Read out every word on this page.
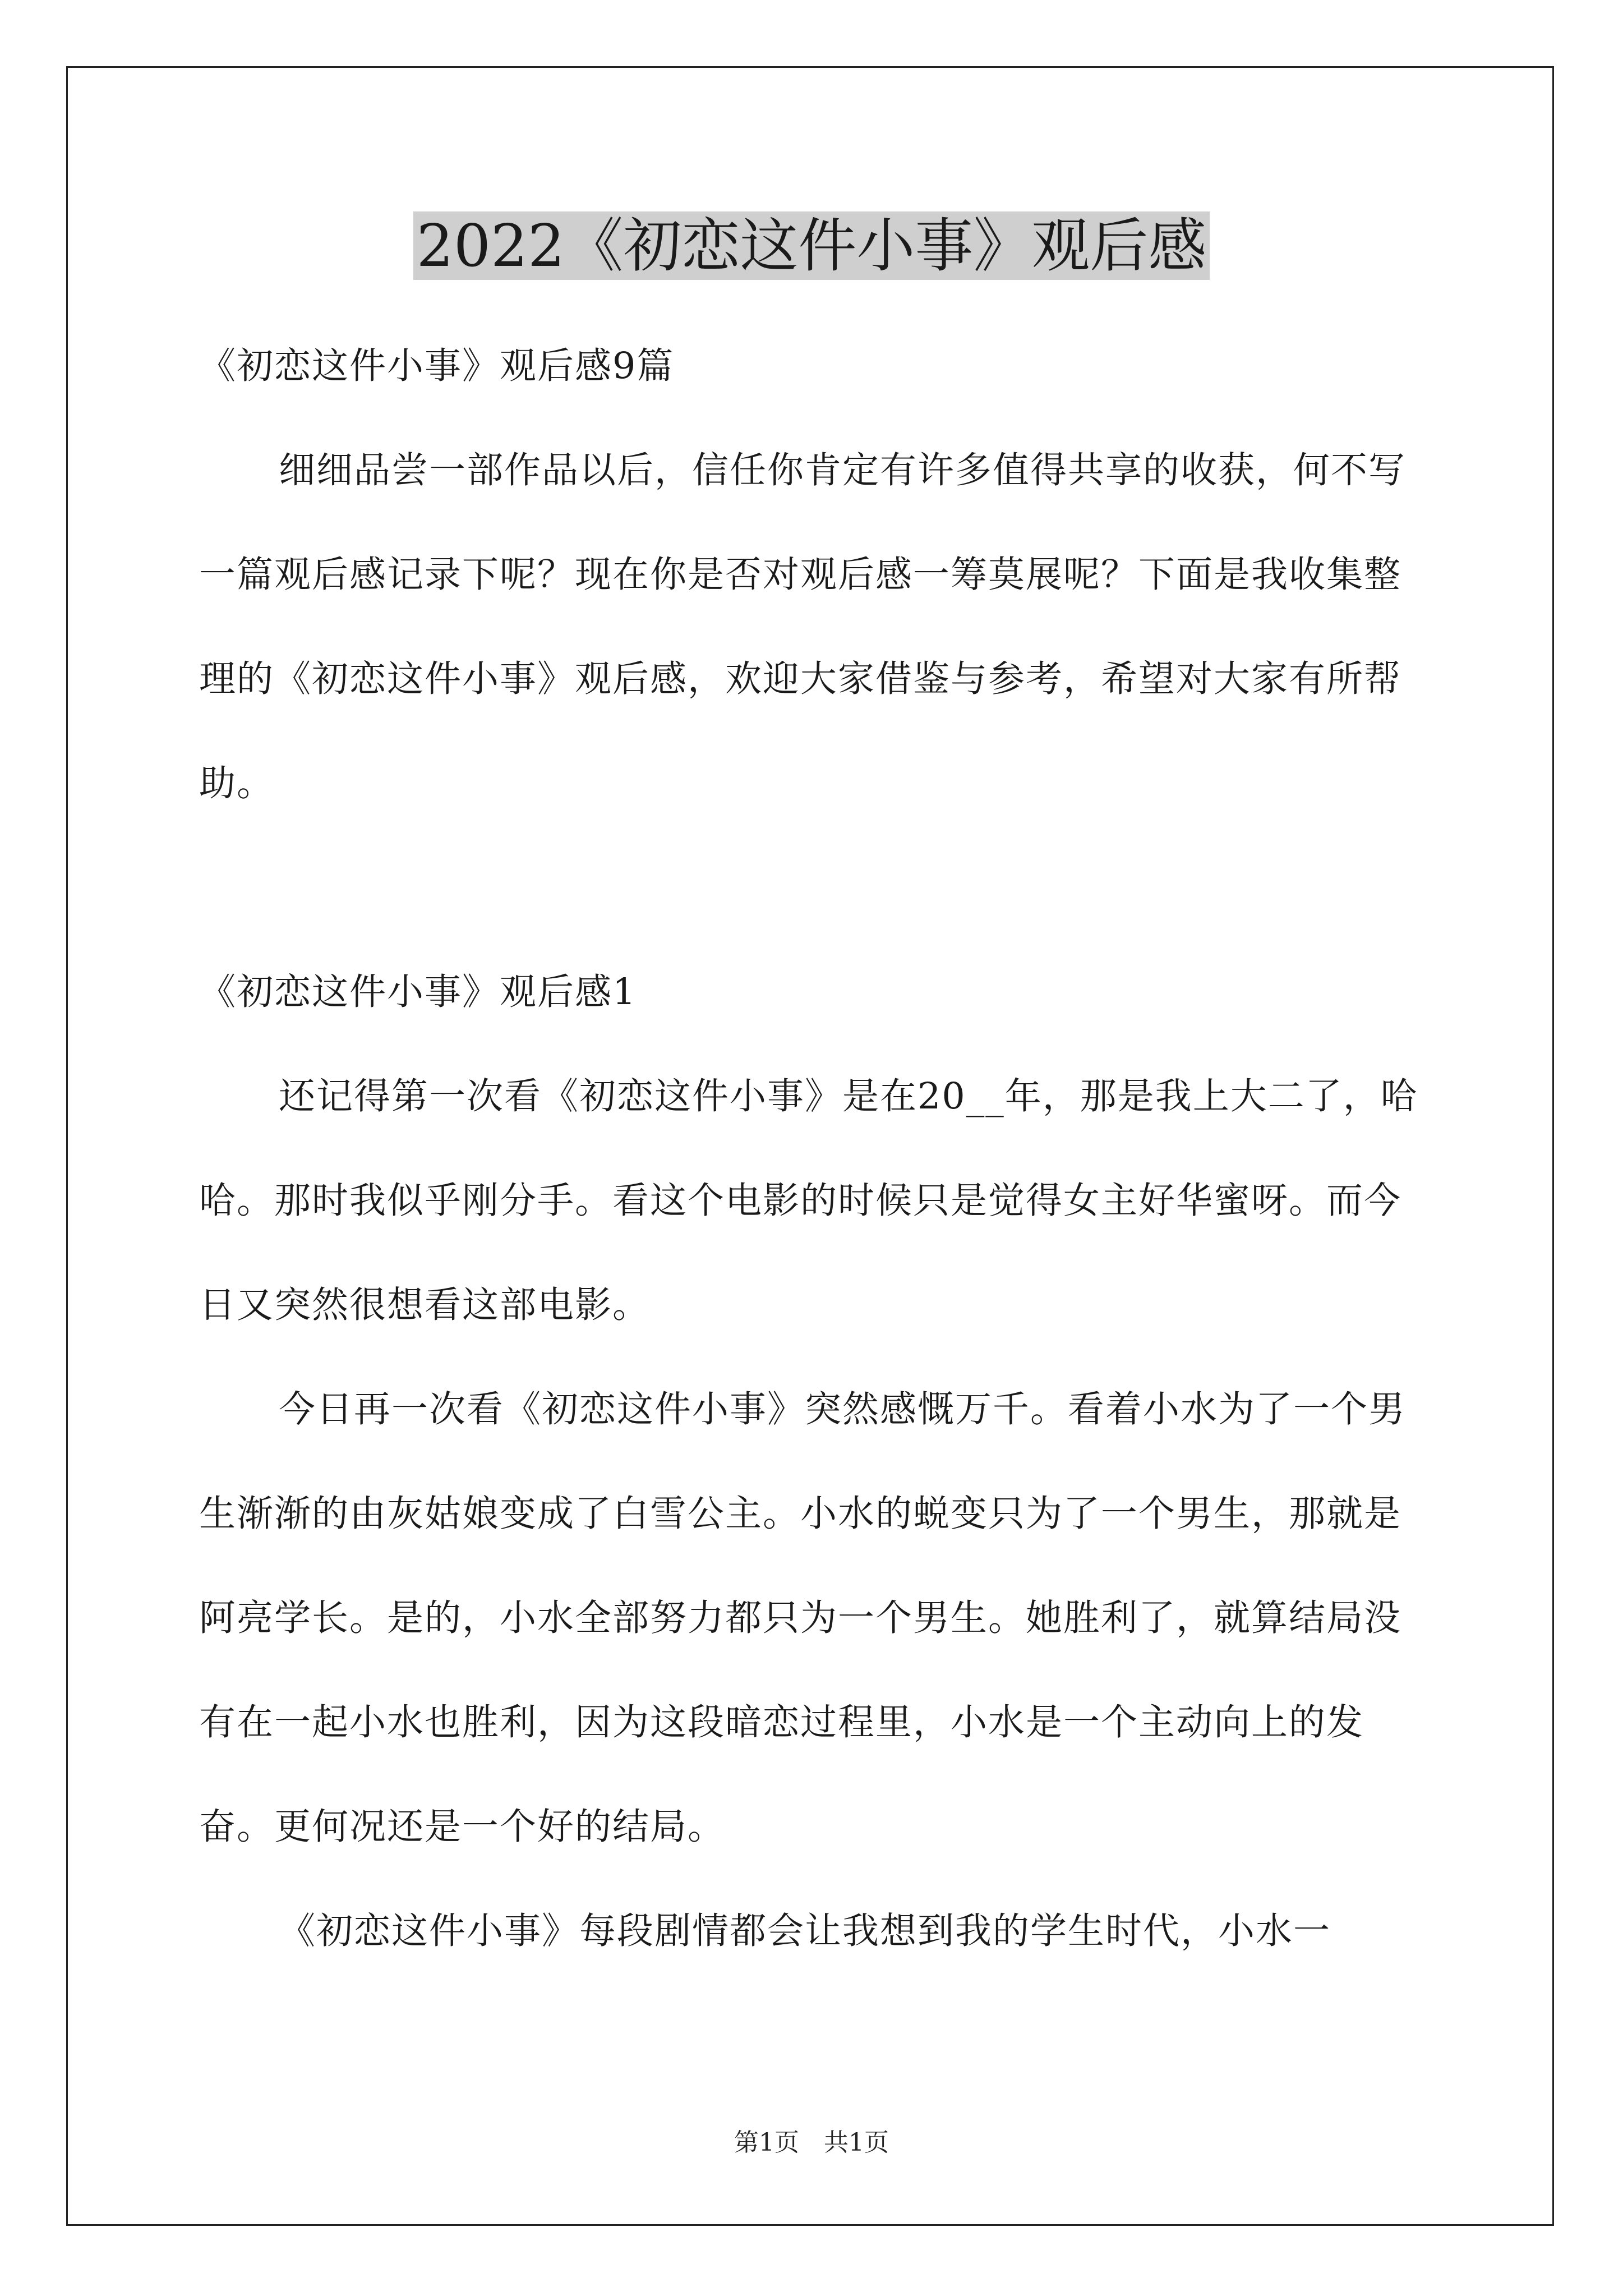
2022《初恋这件小事》观后感

《初恋这件小事》观后感9篇

细细品尝一部作品以后，信任你肯定有许多值得共享的收获，何不写一篇观后感记录下呢？现在你是否对观后感一筹莫展呢？下面是我收集整理的《初恋这件小事》观后感，欢迎大家借鉴与参考，希望对大家有所帮助。

《初恋这件小事》观后感1

还记得第一次看《初恋这件小事》是在20__年，那是我上大二了，哈哈。那时我似乎刚分手。看这个电影的时候只是觉得女主好华蜜呀。而今日又突然很想看这部电影。

今日再一次看《初恋这件小事》突然感慨万千。看着小水为了一个男生渐渐的由灰姑娘变成了白雪公主。小水的蜕变只为了一个男生，那就是阿亮学长。是的，小水全部努力都只为一个男生。她胜利了，就算结局没有在一起小水也胜利，因为这段暗恋过程里，小水是一个主动向上的发奋。更何况还是一个好的结局。

《初恋这件小事》每段剧情都会让我想到我的学生时代，小水一

第1页　共1页
